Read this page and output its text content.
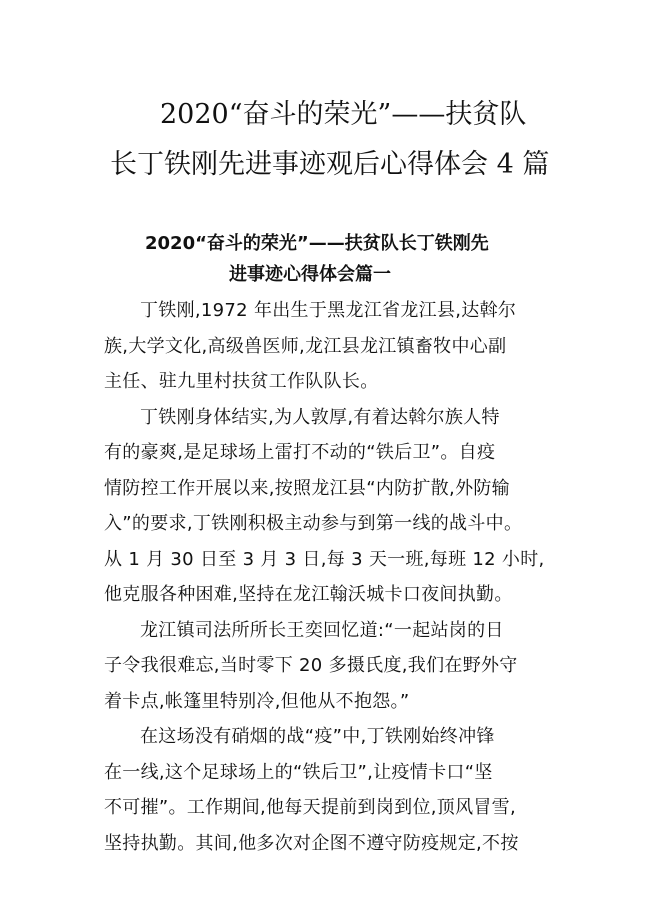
2020“奋斗的荣光”——扶贫队
长丁铁刚先进事迹观后心得体会 4 篇
2020“奋斗的荣光”——扶贫队长丁铁刚先
进事迹心得体会篇一
丁铁刚,1972 年出生于黑龙江省龙江县,达斡尔
族,大学文化,高级兽医师,龙江县龙江镇畜牧中心副
主任、驻九里村扶贫工作队队长。
丁铁刚身体结实,为人敦厚,有着达斡尔族人特
有的豪爽,是足球场上雷打不动的“铁后卫”。自疫
情防控工作开展以来,按照龙江县“内防扩散,外防输
入”的要求,丁铁刚积极主动参与到第一线的战斗中。
从 1 月 30 日至 3 月 3 日,每 3 天一班,每班 12 小时,
他克服各种困难,坚持在龙江翰沃城卡口夜间执勤。
龙江镇司法所所长王奕回忆道:“一起站岗的日
子令我很难忘,当时零下 20 多摄氏度,我们在野外守
着卡点,帐篷里特别冷,但他从不抱怨。”
在这场没有硝烟的战“疫”中,丁铁刚始终冲锋
在一线,这个足球场上的“铁后卫”,让疫情卡口“坚
不可摧”。工作期间,他每天提前到岗到位,顶风冒雪,
坚持执勤。其间,他多次对企图不遵守防疫规定,不按
